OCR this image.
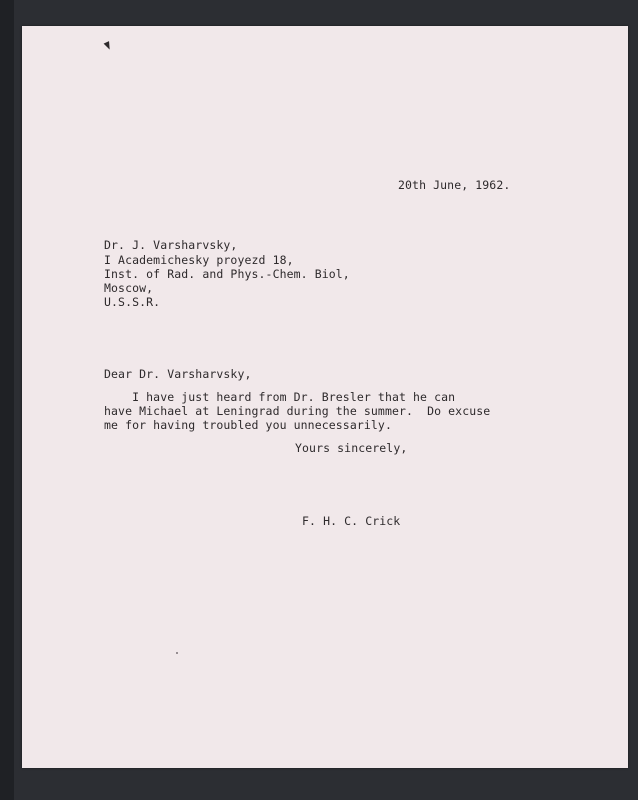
20th June, 1962.
Dr. J. Varsharvsky,
I Academichesky proyezd 18,
Inst. of Rad. and Phys.-Chem. Biol,
Moscow,
U.S.S.R.
Dear Dr. Varsharvsky,
I have just heard from Dr. Bresler that he can
have Michael at Leningrad during the summer.  Do excuse
me for having troubled you unnecessarily.
Yours sincerely,
F. H. C. Crick
